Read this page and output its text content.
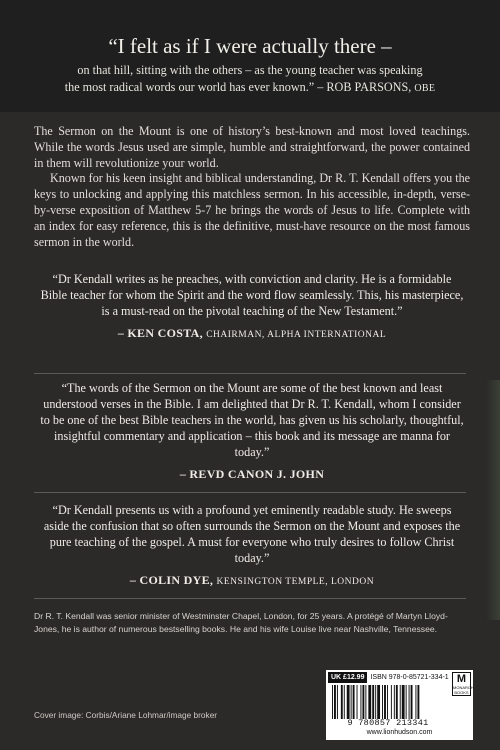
“I felt as if I were actually there –
on that hill, sitting with the others – as the young teacher was speaking
the most radical words our world has ever known.” – ROB PARSONS, OBE

The Sermon on the Mount is one of history’s best-known and most loved teachings. While the words Jesus used are simple, humble and straightforward, the power contained in them will revolutionize your world.

Known for his keen insight and biblical understanding, Dr R. T. Kendall offers you the keys to unlocking and applying this matchless sermon. In his accessible, in-depth, verse-by-verse exposition of Matthew 5-7 he brings the words of Jesus to life. Complete with an index for easy reference, this is the definitive, must-have resource on the most famous sermon in the world.

“Dr Kendall writes as he preaches, with conviction and clarity. He is a formidable Bible teacher for whom the Spirit and the word flow seamlessly. This, his masterpiece, is a must-read on the pivotal teaching of the New Testament.”
– KEN COSTA, CHAIRMAN, ALPHA INTERNATIONAL
“The words of the Sermon on the Mount are some of the best known and least understood verses in the Bible. I am delighted that Dr R. T. Kendall, whom I consider to be one of the best Bible teachers in the world, has given us his scholarly, thoughtful, insightful commentary and application – this book and its message are manna for today.”
– REVD CANON J. JOHN
“Dr Kendall presents us with a profound yet eminently readable study. He sweeps aside the confusion that so often surrounds the Sermon on the Mount and exposes the pure teaching of the gospel. A must for everyone who truly desires to follow Christ today.”
– COLIN DYE, KENSINGTON TEMPLE, LONDON
Dr R. T. Kendall was senior minister of Westminster Chapel, London, for 25 years. A protégé of Martyn Lloyd-Jones, he is author of numerous bestselling books. He and his wife Louise live near Nashville, Tennessee.
Cover image: Corbis/Ariane Lohmar/image broker
UK £12.99 ISBN 978-0-85721-334-1 M
MONARCH BOOKS
9 780857 213341
www.lionhudson.com
